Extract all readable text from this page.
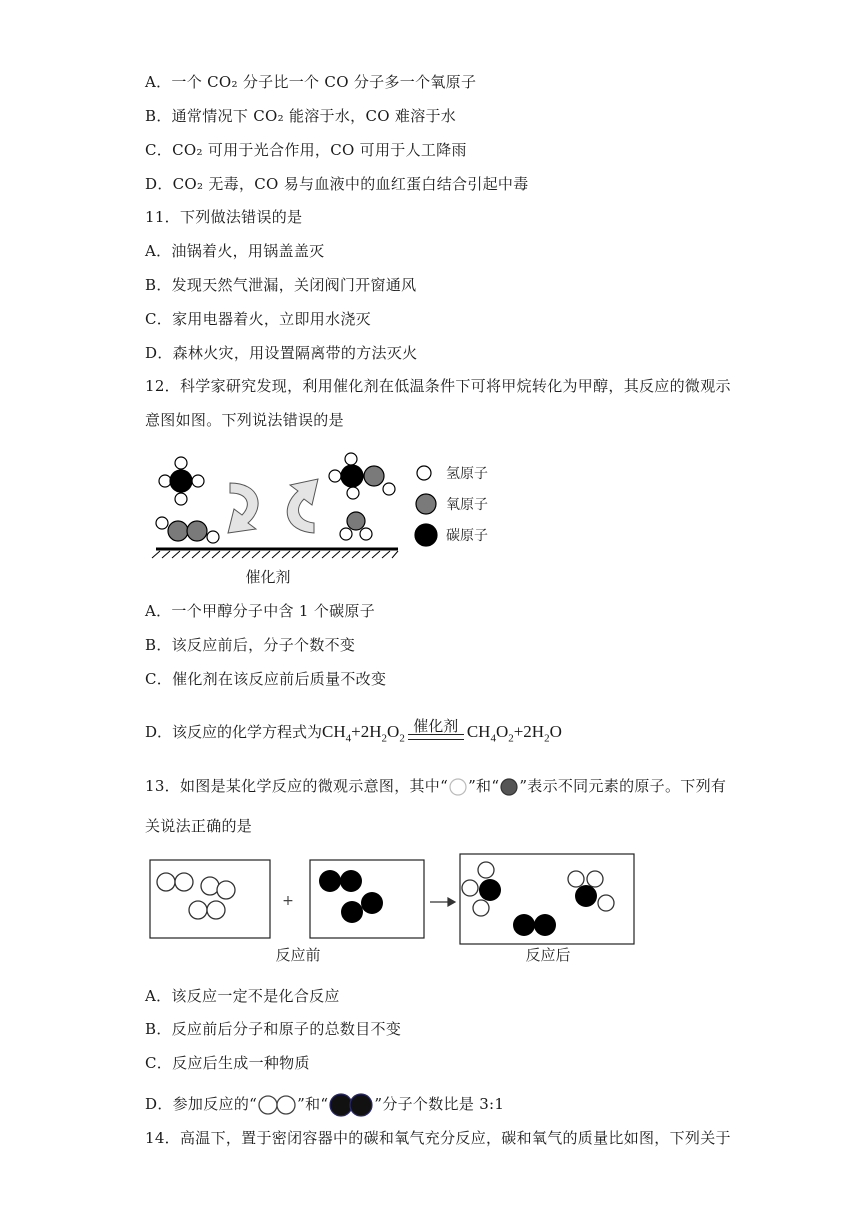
A．一个 CO₂ 分子比一个 CO 分子多一个氧原子
B．通常情况下 CO₂ 能溶于水，CO 难溶于水
C．CO₂ 可用于光合作用，CO 可用于人工降雨
D．CO₂ 无毒，CO 易与血液中的血红蛋白结合引起中毒
11．下列做法错误的是
A．油锅着火，用锅盖盖灭
B．发现天然气泄漏，关闭阀门开窗通风
C．家用电器着火，立即用水浇灭
D．森林火灾，用设置隔离带的方法灭火
12．科学家研究发现，利用催化剂在低温条件下可将甲烷转化为甲醇，其反应的微观示
意图如图。下列说法错误的是
催化剂
氢原子
氧原子
碳原子
A．一个甲醇分子中含 1 个碳原子
B．该反应前后，分子个数不变
C．催化剂在该反应前后质量不改变
D．该反应的化学方程式为 $CH_4+2H_2O_2$
催化剂 $CH_4O_2+2H_2O$
13．如图是某化学反应的微观示意图，其中“ ”和“ ”表示不同元素的原子。下列有
关说法正确的是
+
反应前	反应后
A．该反应一定不是化合反应
B．反应前后分子和原子的总数目不变
C．反应后生成一种物质
D．参加反应的“	”和“	”分子个数比是 3:1
14．高温下，置于密闭容器中的碳和氧气充分反应，碳和氧气的质量比如图，下列关于
